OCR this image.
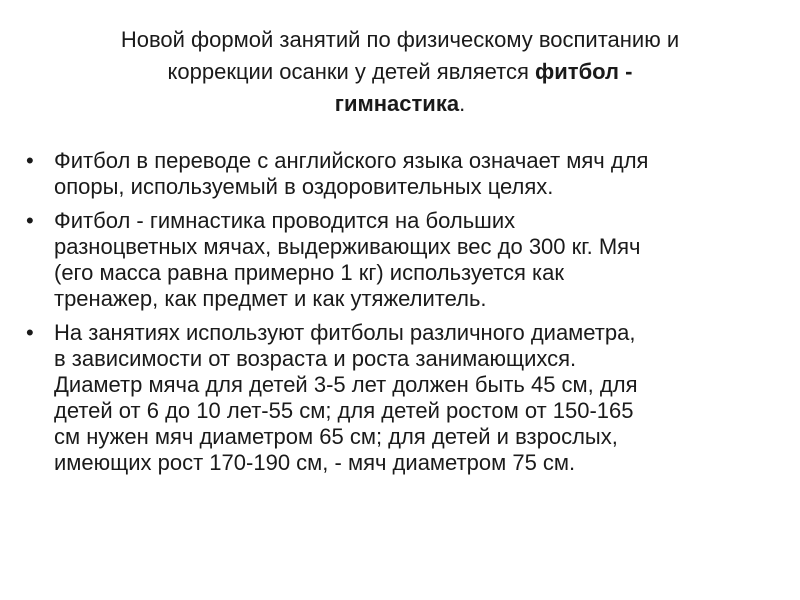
Новой формой занятий по физическому воспитанию и
коррекции осанки у детей является фитбол -
гимнастика.
• Фитбол в переводе с английского языка означает мяч для
опоры, используемый в оздоровительных целях.
• Фитбол - гимнастика проводится на больших
разноцветных мячах, выдерживающих вес до 300 кг. Мяч
(его масса равна примерно 1 кг) используется как
тренажер, как предмет и как утяжелитель.
• На занятиях используют фитболы различного диаметра,
в зависимости от возраста и роста занимающихся.
Диаметр мяча для детей 3-5 лет должен быть 45 см, для
детей от 6 до 10 лет-55 см; для детей ростом от 150-165
см нужен мяч диаметром 65 см; для детей и взрослых,
имеющих рост 170-190 см, - мяч диаметром 75 см.
